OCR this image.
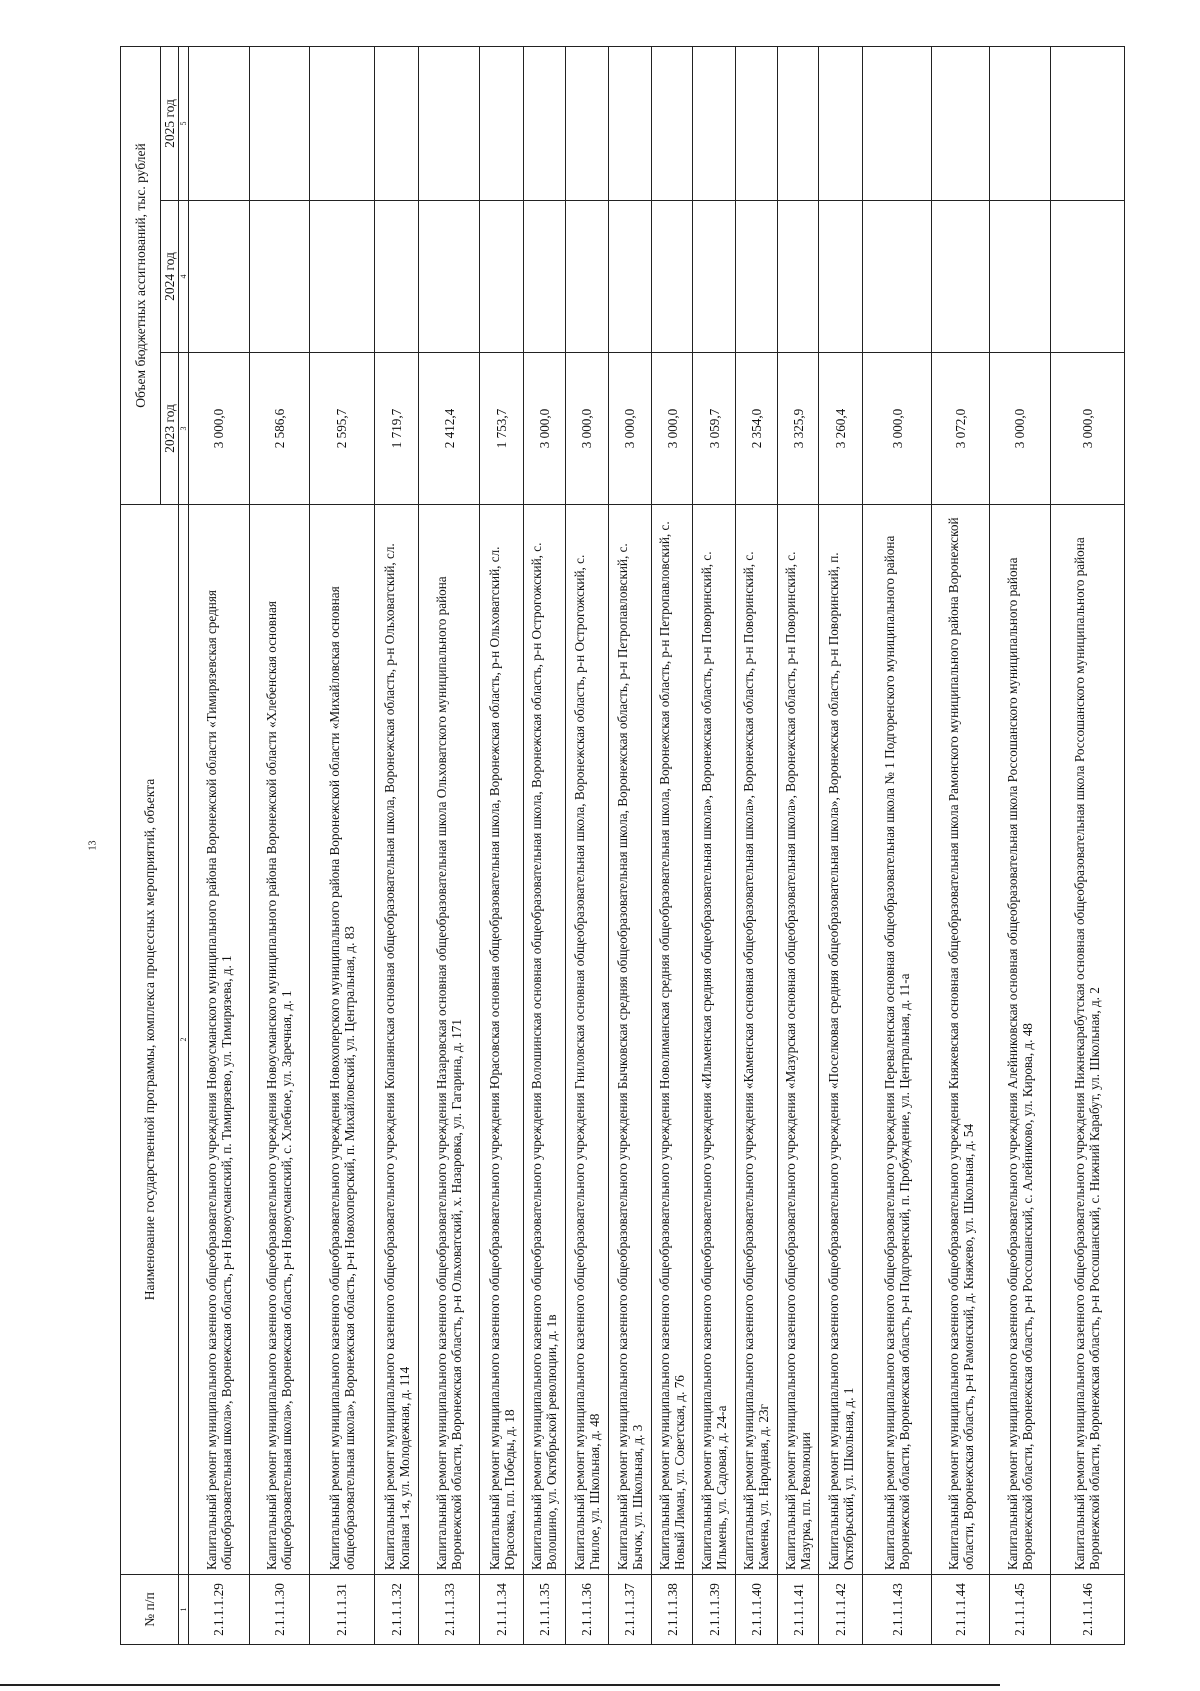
13
№ п/п	Наименование государственной программы, комплекса процессных мероприятий, объекта	Объем бюджетных ассигнований, тыс. рублей		
		2023 год	2024 год	2025 год
1	2	3	4	5
2.1.1.1.29	Капитальный ремонт муниципального казенного общеобразовательного учреждения Новоусманского муниципального района Воронежской области «Тимирязевская средняя общеобразовательная школа», Воронежская область, р-н Новоусманский, п. Тимирязево, ул. Тимирязева, д. 1	3 000,0		
2.1.1.1.30	Капитальный ремонт муниципального казенного общеобразовательного учреждения Новоусманского муниципального района Воронежской области «Хлебенская основная общеобразовательная школа», Воронежская область, р-н Новоусманский, с. Хлебное, ул. Заречная, д. 1	2 586,6		
2.1.1.1.31	Капитальный ремонт муниципального казенного общеобразовательного учреждения Новохоперского муниципального района Воронежской области «Михайловская основная общеобразовательная школа», Воронежская область, р-н Новохоперский, п. Михайловский, ул. Центральная, д. 83	2 595,7		
2.1.1.1.32	Капитальный ремонт муниципального казенного общеобразовательного учреждения Копанянская основная общеобразовательная школа, Воронежская область, р-н Ольховатский, сл. Копаная 1-я, ул. Молодежная, д. 114	1 719,7		
2.1.1.1.33	Капитальный ремонт муниципального казенного общеобразовательного учреждения Назаровская основная общеобразовательная школа Ольховатского муниципального района Воронежской области, Воронежская область, р-н Ольховатский, х. Назаровка, ул. Гагарина, д. 171	2 412,4		
2.1.1.1.34	Капитальный ремонт муниципального казенного общеобразовательного учреждения Юрасовская основная общеобразовательная школа, Воронежская область, р-н Ольховатский, сл. Юрасовка, пл. Победы, д. 18	1 753,7		
2.1.1.1.35	Капитальный ремонт муниципального казенного общеобразовательного учреждения Волошинская основная общеобразовательная школа, Воронежская область, р-н Острогожский, с. Волошино, ул. Октябрьской революции, д. 1в	3 000,0		
2.1.1.1.36	Капитальный ремонт муниципального казенного общеобразовательного учреждения Гниловская основная общеобразовательная школа, Воронежская область, р-н Острогожский, с. Гнилое, ул. Школьная, д. 48	3 000,0		
2.1.1.1.37	Капитальный ремонт муниципального казенного общеобразовательного учреждения Бычковская средняя общеобразовательная школа, Воронежская область, р-н Петропавловский, с. Бычок, ул. Школьная, д. 3	3 000,0		
2.1.1.1.38	Капитальный ремонт муниципального казенного общеобразовательного учреждения Новолиманская средняя общеобразовательная школа, Воронежская область, р-н Петропавловский, с. Новый Лиман, ул. Советская, д. 76	3 000,0		
2.1.1.1.39	Капитальный ремонт муниципального казенного общеобразовательного учреждения «Ильменская средняя общеобразовательная школа», Воронежская область, р-н Поворинский, с. Ильмень, ул. Садовая, д. 24-а	3 059,7		
2.1.1.1.40	Капитальный ремонт муниципального казенного общеобразовательного учреждения «Каменская основная общеобразовательная школа», Воронежская область, р-н Поворинский, с. Каменка, ул. Народная, д. 23г	2 354,0		
2.1.1.1.41	Капитальный ремонт муниципального казенного общеобразовательного учреждения «Мазурская основная общеобразовательная школа», Воронежская область, р-н Поворинский, с. Мазурка, пл. Революции	3 325,9		
2.1.1.1.42	Капитальный ремонт муниципального казенного общеобразовательного учреждения «Поселковая средняя общеобразовательная школа», Воронежская область, р-н Поворинский, п. Октябрьский, ул. Школьная, д. 1	3 260,4		
2.1.1.1.43	Капитальный ремонт муниципального казенного общеобразовательного учреждения Переваленская основная общеобразовательная школа № 1 Подгоренского муниципального района Воронежской области, Воронежская область, р-н Подгоренский, п. Пробуждение, ул. Центральная, д. 11-а	3 000,0		
2.1.1.1.44	Капитальный ремонт муниципального казенного общеобразовательного учреждения Княжевская основная общеобразовательная школа Рамонского муниципального района Воронежской области, Воронежская область, р-н Рамонский, д. Княжево, ул. Школьная, д. 54	3 072,0		
2.1.1.1.45	Капитальный ремонт муниципального казенного общеобразовательного учреждения Алейниковская основная общеобразовательная школа Россошанского муниципального района Воронежской области, Воронежская область, р-н Россошанский, с. Алейниково, ул. Кирова, д. 48	3 000,0		
2.1.1.1.46	Капитальный ремонт муниципального казенного общеобразовательного учреждения Нижнекарабутская основная общеобразовательная школа Россошанского муниципального района Воронежской области, Воронежская область, р-н Россошанский, с. Нижний Карабут, ул. Школьная, д. 2	3 000,0		
